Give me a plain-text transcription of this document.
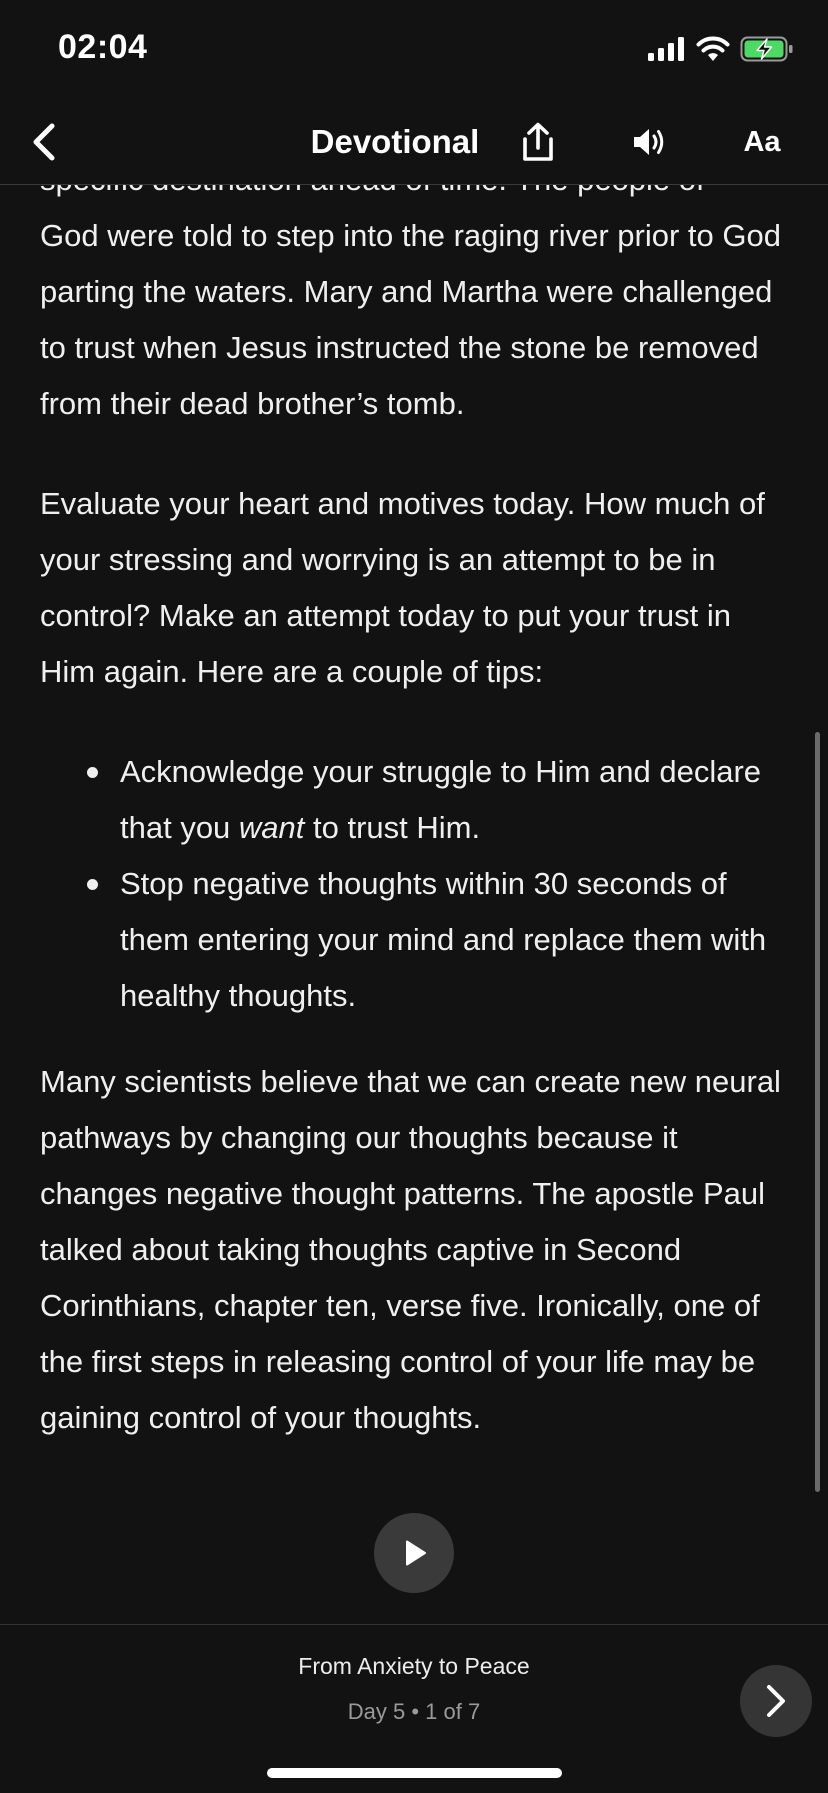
02:04

God were told to step into the raging river prior to God parting the waters. Mary and Martha were challenged to trust when Jesus instructed the stone be removed from their dead brother’s tomb.

Evaluate your heart and motives today. How much of your stressing and worrying is an attempt to be in control? Make an attempt today to put your trust in Him again. Here are a couple of tips:

Acknowledge your struggle to Him and declare that you want to trust Him.
Stop negative thoughts within 30 seconds of them entering your mind and replace them with healthy thoughts.

Many scientists believe that we can create new neural pathways by changing our thoughts because it changes negative thought patterns. The apostle Paul talked about taking thoughts captive in Second Corinthians, chapter ten, verse five. Ironically, one of the first steps in releasing control of your life may be gaining control of your thoughts.

Devotional	Aa
From Anxiety to Peace
Day 5 • 1 of 7
